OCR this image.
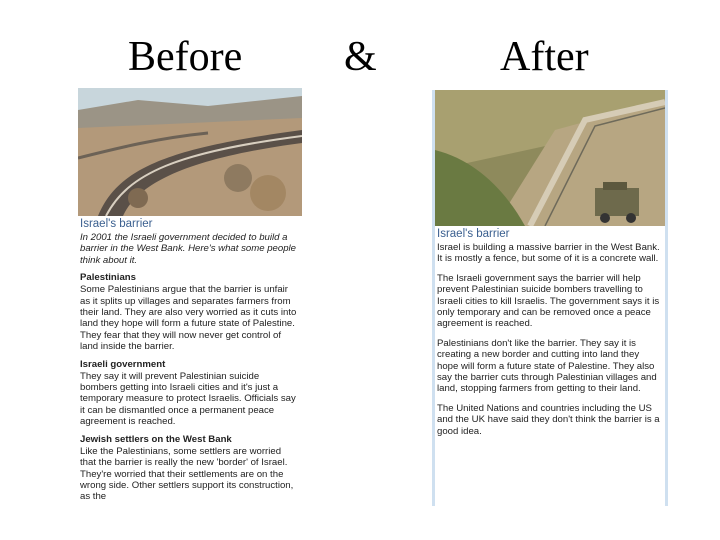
Before &	After
Israel's barrier

In 2001 the Israeli government decided to build a barrier in the West Bank. Here's what some people think about it.

Palestinians

Some Palestinians argue that the barrier is unfair as it splits up villages and separates farmers from their land. They are also very worried as it cuts into land they hope will form a future state of Palestine. They fear that they will now never get control of land inside the barrier.

Israeli government

They say it will prevent Palestinian suicide bombers getting into Israeli cities and it's just a temporary measure to protect Israelis. Officials say it can be dismantled once a permanent peace agreement is reached.

Jewish settlers on the West Bank

Like the Palestinians, some settlers are worried that the barrier is really the new 'border' of Israel. They're worried that their settlements are on the wrong side. Other settlers support its construction, as the

Israel's barrier

Israel is building a massive barrier in the West Bank. It is mostly a fence, but some of it is a concrete wall.

The Israeli government says the barrier will help prevent Palestinian suicide bombers travelling to Israeli cities to kill Israelis. The government says it is only temporary and can be removed once a peace agreement is reached.

Palestinians don't like the barrier. They say it is creating a new border and cutting into land they hope will form a future state of Palestine. They also say the barrier cuts through Palestinian villages and land, stopping farmers from getting to their land.

The United Nations and countries including the US and the UK have said they don't think the barrier is a good idea.
